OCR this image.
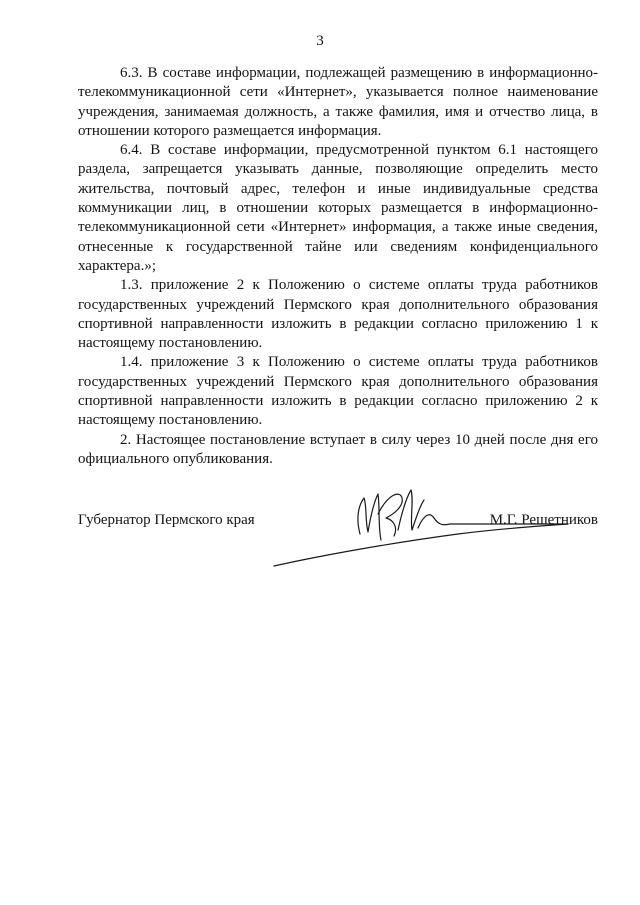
3

6.3. В составе информации, подлежащей размещению в информационно-телекоммуникационной сети «Интернет», указывается полное наименование учреждения, занимаемая должность, а также фамилия, имя и отчество лица, в отношении которого размещается информация.

6.4. В составе информации, предусмотренной пунктом 6.1 настоящего раздела, запрещается указывать данные, позволяющие определить место жительства, почтовый адрес, телефон и иные индивидуальные средства коммуникации лиц, в отношении которых размещается в информационно-телекоммуникационной сети «Интернет» информация, а также иные сведения, отнесенные к государственной тайне или сведениям конфиденциального характера.»;

1.3. приложение 2 к Положению о системе оплаты труда работников государственных учреждений Пермского края дополнительного образования спортивной направленности изложить в редакции согласно приложению 1 к настоящему постановлению.

1.4. приложение 3 к Положению о системе оплаты труда работников государственных учреждений Пермского края дополнительного образования спортивной направленности изложить в редакции согласно приложению 2 к настоящему постановлению.

2. Настоящее постановление вступает в силу через 10 дней после дня его официального опубликования.

Губернатор Пермского края	М.Г. Решетников
